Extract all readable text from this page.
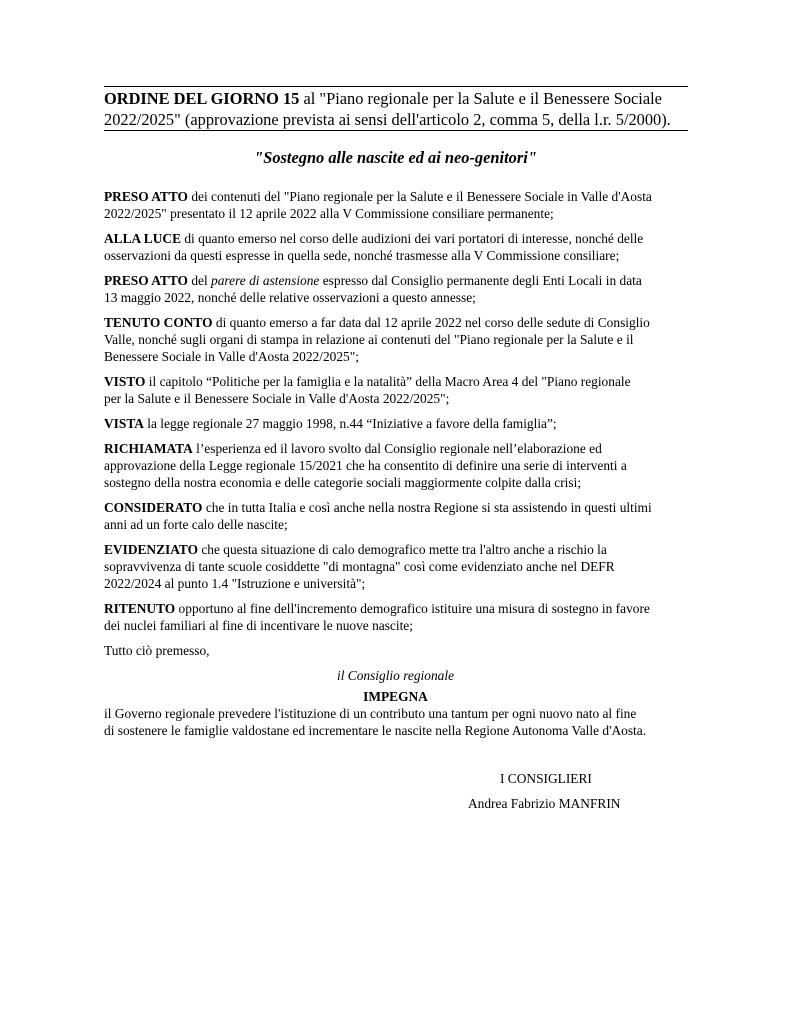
ORDINE DEL GIORNO 15 al "Piano regionale per la Salute e il Benessere Sociale
2022/2025" (approvazione prevista ai sensi dell'articolo 2, comma 5, della l.r. 5/2000).
"Sostegno alle nascite ed ai neo-genitori"
PRESO ATTO dei contenuti del "Piano regionale per la Salute e il Benessere Sociale in Valle d'Aosta
2022/2025" presentato il 12 aprile 2022 alla V Commissione consiliare permanente;
ALLA LUCE di quanto emerso nel corso delle audizioni dei vari portatori di interesse, nonché delle
osservazioni da questi espresse in quella sede, nonché trasmesse alla V Commissione consiliare;
PRESO ATTO del parere di astensione espresso dal Consiglio permanente degli Enti Locali in data
13 maggio 2022, nonché delle relative osservazioni a questo annesse;
TENUTO CONTO di quanto emerso a far data dal 12 aprile 2022 nel corso delle sedute di Consiglio
Valle, nonché sugli organi di stampa in relazione ai contenuti del "Piano regionale per la Salute e il
Benessere Sociale in Valle d'Aosta 2022/2025";
VISTO il capitolo “Politiche per la famiglia e la natalità” della Macro Area 4 del "Piano regionale
per la Salute e il Benessere Sociale in Valle d'Aosta 2022/2025";
VISTA la legge regionale 27 maggio 1998, n.44 “Iniziative a favore della famiglia”;
RICHIAMATA l’esperienza ed il lavoro svolto dal Consiglio regionale nell’elaborazione ed
approvazione della Legge regionale 15/2021 che ha consentito di definire una serie di interventi a
sostegno della nostra economia e delle categorie sociali maggiormente colpite dalla crisi;
CONSIDERATO che in tutta Italia e così anche nella nostra Regione si sta assistendo in questi ultimi
anni ad un forte calo delle nascite;
EVIDENZIATO che questa situazione di calo demografico mette tra l'altro anche a rischio la
sopravvivenza di tante scuole cosiddette "di montagna" così come evidenziato anche nel DEFR
2022/2024 al punto 1.4 "Istruzione e università";
RITENUTO opportuno al fine dell'incremento demografico istituire una misura di sostegno in favore
dei nuclei familiari al fine di incentivare le nuove nascite;
Tutto ciò premesso,
il Consiglio regionale
IMPEGNA
il Governo regionale prevedere l'istituzione di un contributo una tantum per ogni nuovo nato al fine
di sostenere le famiglie valdostane ed incrementare le nascite nella Regione Autonoma Valle d'Aosta.
I CONSIGLIERI
Andrea Fabrizio MANFRIN
